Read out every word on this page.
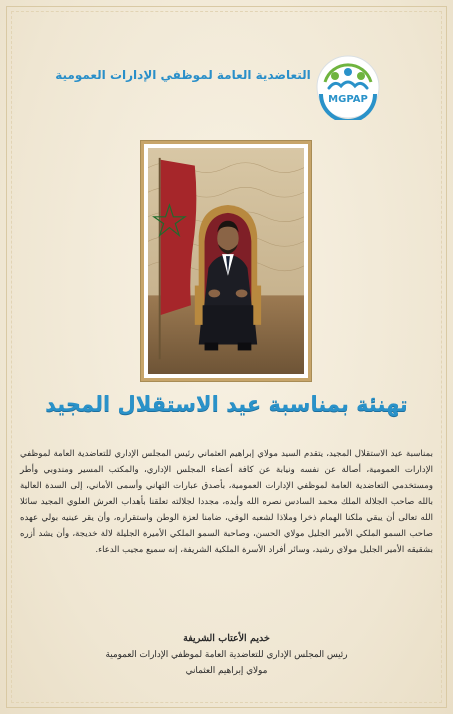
التعاضدية العامة لموظفي الإدارات العمومية
MGPAP
تهنئة بمناسبة عيد الاستقلال المجيد
بمناسبة عيد الاستقلال المجيد، يتقدم السيد مولاي إبراهيم العثماني رئيس المجلس الإداري للتعاضدية العامة لموظفي الإدارات العمومية، أصالة عن نفسه ونيابة عن كافة أعضاء المجلس الإداري، والمكتب المسير ومندوبي وأطر ومستخدمي التعاضدية العامة لموظفي الإدارات العمومية، بأصدق عبارات التهاني وأسمى الأماني، إلى السدة العالية بالله صاحب الجلالة الملك محمد السادس نصره الله وأيده، مجددا لجلالته تعلقنا بأهداب العرش العلوي المجيد سائلا الله تعالى أن يبقي ملكنا الهمام ذخرا وملاذا لشعبه الوفي، ضامنا لعزة الوطن واستقراره، وأن يقر عينيه بولي عهده صاحب السمو الملكي الأمير الجليل مولاي الحسن، وصاحبة السمو الملكي الأميرة الجليلة لالة خديجة، وأن يشد أزره بشقيقه الأمير الجليل مولاي رشيد، وسائر أفراد الأسرة الملكية الشريفة، إنه سميع مجيب الدعاء.
خديم الأعتاب الشريفة
رئيس المجلس الإداري للتعاضدية العامة لموظفي الإدارات العمومية
مولاي إبراهيم العثماني
